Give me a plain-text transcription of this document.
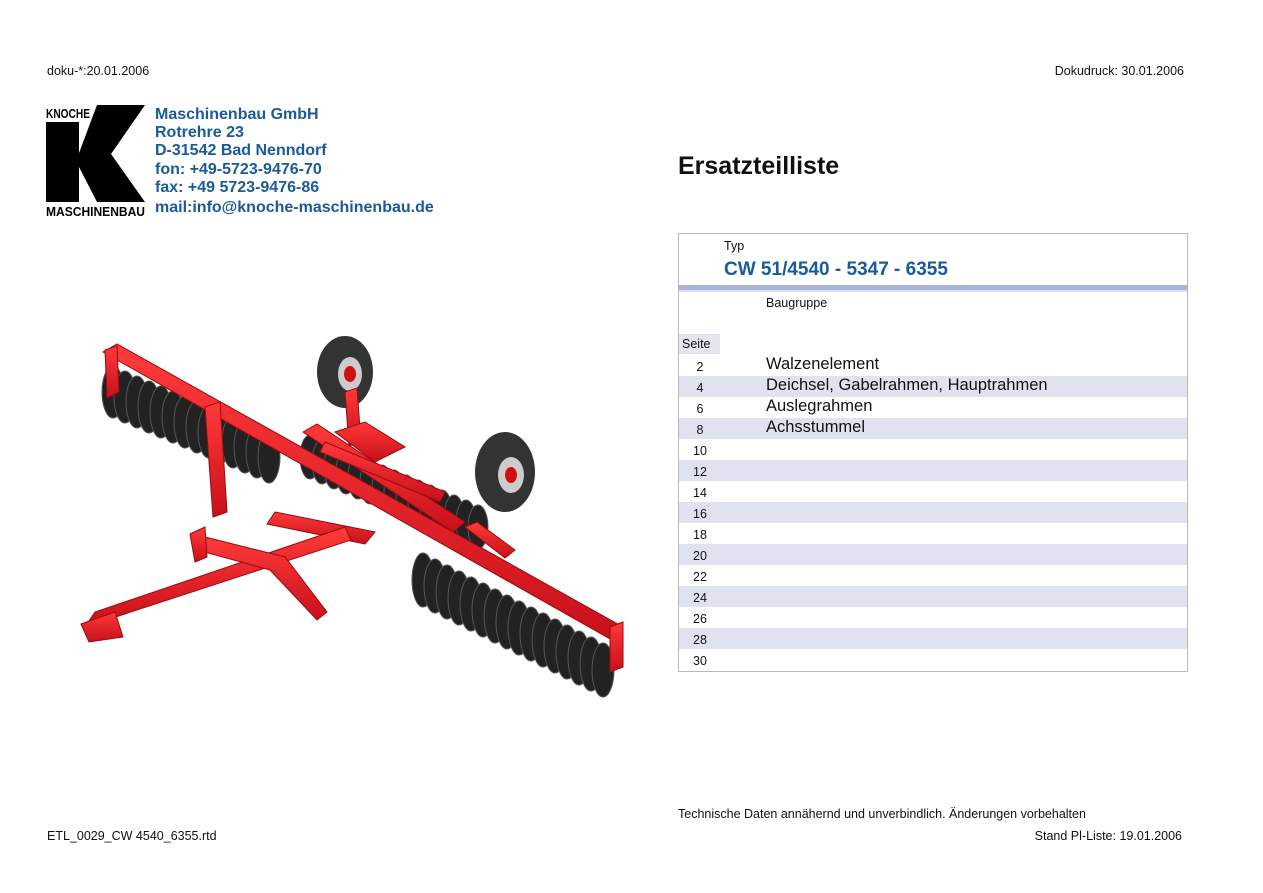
doku-*:20.01.2006	Dokudruck: 30.01.2006
KNOCHE
MASCHINENBAU
Maschinenbau GmbH
Rotrehre 23
D-31542 Bad Nenndorf
fon: +49-5723-9476-70
fax: +49 5723-9476-86
mail:info@knoche-maschinenbau.de
Ersatzteilliste
Typ
CW 51/4540 - 5347 - 6355
Baugruppe
Seite
2	Walzenelement
4	Deichsel, Gabelrahmen, Hauptrahmen
6	Auslegrahmen
8	Achsstummel
10
12
14
16
18
20
22
24
26
28
30
Technische Daten annähernd und unverbindlich. Änderungen vorbehalten
ETL_0029_CW 4540_6355.rtd	Stand Pl-Liste: 19.01.2006
